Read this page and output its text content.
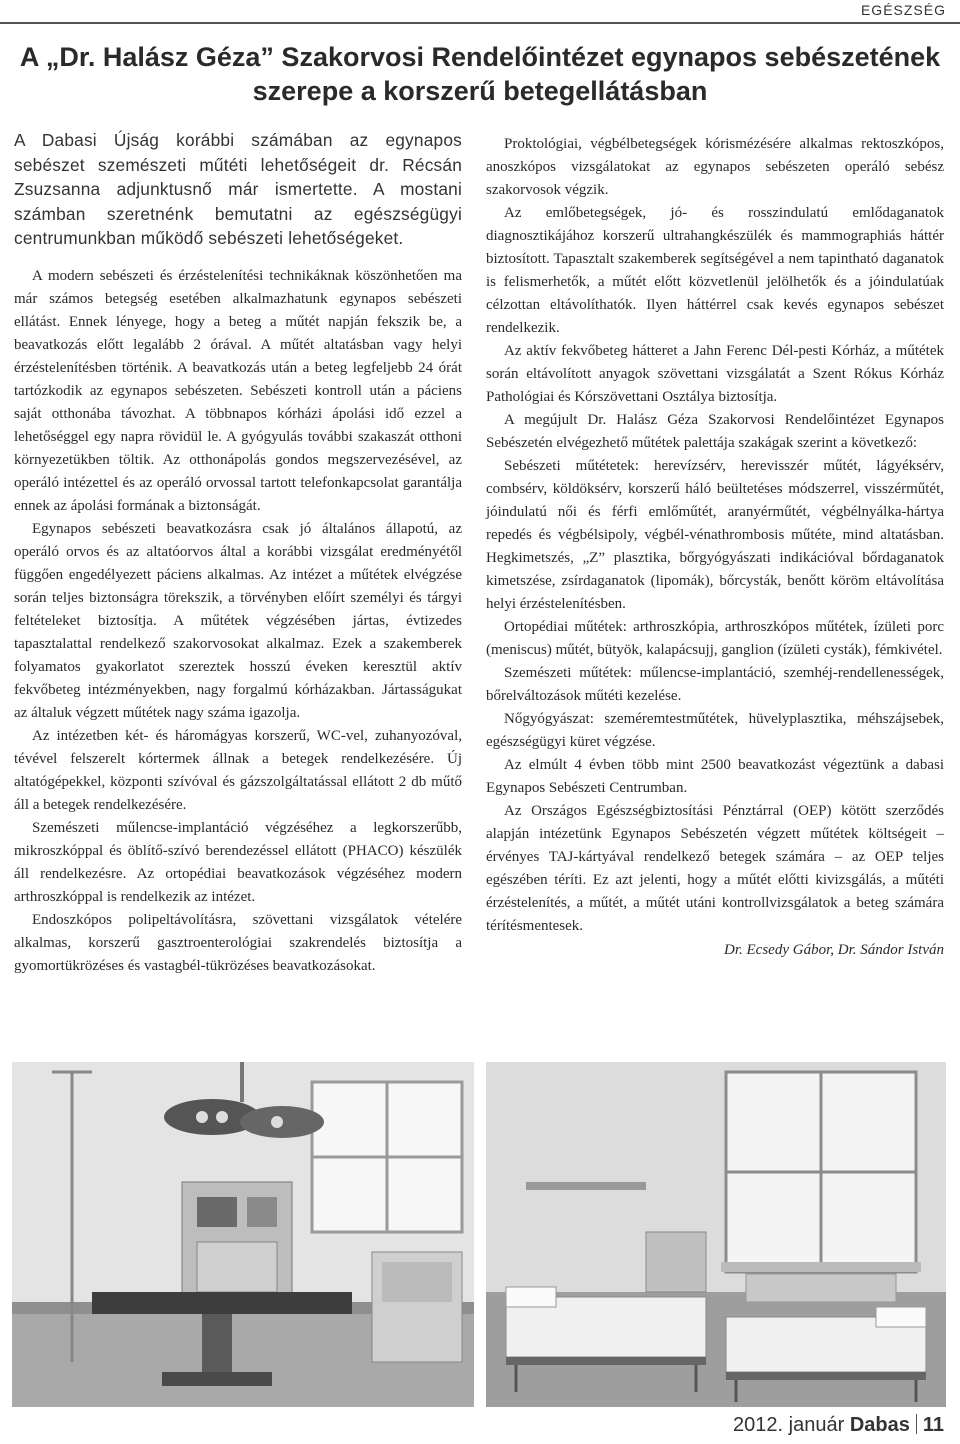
EGÉSZSÉG
A „Dr. Halász Géza” Szakorvosi Rendelőintézet egynapos sebészetének
szerepe a korszerű betegellátásban

A Dabasi Újság korábbi számában az egynapos sebészet szemészeti műtéti lehetőségeit dr. Récsán Zsuzsanna adjunktusnő már ismertette. A mostani számban szeretnénk bemutatni az egészségügyi centrumunkban működő sebészeti lehetőségeket.

A modern sebészeti és érzéstelenítési technikáknak köszönhetően ma már számos betegség esetében alkalmazhatunk egynapos sebészeti ellátást. Ennek lényege, hogy a beteg a műtét napján fekszik be, a beavatkozás előtt legalább 2 órával. A műtét altatásban vagy helyi érzéstelenítésben történik. A beavatkozás után a beteg legfeljebb 24 órát tartózkodik az egynapos sebészeten. Sebészeti kontroll után a páciens saját otthonába távozhat. A többnapos kórházi ápolási idő ezzel a lehetőséggel egy napra rövidül le. A gyógyulás további szakaszát otthoni környezetükben töltik. Az otthonápolás gondos megszervezésével, az operáló intézettel és az operáló orvossal tartott telefonkapcsolat garantálja ennek az ápolási formának a biztonságát.

Egynapos sebészeti beavatkozásra csak jó általános állapotú, az operáló orvos és az altatóorvos által a korábbi vizsgálat eredményétől függően engedélyezett páciens alkalmas. Az intézet a műtétek elvégzése során teljes biztonságra törekszik, a törvényben előírt személyi és tárgyi feltételeket biztosítja. A műtétek végzésében jártas, évtizedes tapasztalattal rendelkező szakorvosokat alkalmaz. Ezek a szakemberek folyamatos gyakorlatot szereztek hosszú éveken keresztül aktív fekvőbeteg intézményekben, nagy forgalmú kórházakban. Jártasságukat az általuk végzett műtétek nagy száma igazolja.

Az intézetben két- és háromágyas korszerű, WC-vel, zuhanyozóval, tévével felszerelt kórtermek állnak a betegek rendelkezésére. Új altatógépekkel, központi szívóval és gázszolgáltatással ellátott 2 db műtő áll a betegek rendelkezésére.

Szemészeti műlencse-implantáció végzéséhez a legkorszerűbb, mikroszkóppal és öblítő-szívó berendezéssel ellátott (PHACO) készülék áll rendelkezésre. Az ortopédiai beavatkozások végzéséhez modern arthroszkóppal is rendelkezik az intézet.

Endoszkópos polipeltávolításra, szövettani vizsgálatok vételére alkalmas, korszerű gasztroenterológiai szakrendelés biztosítja a gyomortükrözéses és vastagbél-tükrözéses beavatkozásokat.

Proktológiai, végbélbetegségek kórismézésére alkalmas rektoszkópos, anoszkópos vizsgálatokat az egynapos sebészeten operáló sebész szakorvosok végzik.

Az emlőbetegségek, jó- és rosszindulatú emlődaganatok diagnosztikájához korszerű ultrahangkészülék és mammographiás háttér biztosított. Tapasztalt szakemberek segítségével a nem tapintható daganatok is felismerhetők, a műtét előtt közvetlenül jelölhetők és a jóindulatúak célzottan eltávolíthatók. Ilyen háttérrel csak kevés egynapos sebészet rendelkezik.

Az aktív fekvőbeteg hátteret a Jahn Ferenc Dél-pesti Kórház, a műtétek során eltávolított anyagok szövettani vizsgálatát a Szent Rókus Kórház Pathológiai és Kórszövettani Osztálya biztosítja.

A megújult Dr. Halász Géza Szakorvosi Rendelőintézet Egynapos Sebészetén elvégezhető műtétek palettája szakágak szerint a következő:

Sebészeti műtétetek: herevízsérv, herevisszér műtét, lágyéksérv, combsérv, köldöksérv, korszerű háló beültetéses módszerrel, visszérműtét, jóindulatú női és férfi emlőműtét, aranyérműtét, végbélnyálka-hártya repedés és végbélsipoly, végbél-vénathrombosis műtéte, mind altatásban. Hegkimetszés, „Z” plasztika, bőrgyógyászati indikációval bőrdaganatok kimetszése, zsírdaganatok (lipomák), bőrcysták, benőtt köröm eltávolítása helyi érzéstelenítésben.

Ortopédiai műtétek: arthroszkópia, arthroszkópos műtétek, ízületi porc (meniscus) műtét, bütyök, kalapácsujj, ganglion (ízületi cysták), fémkivétel.

Szemészeti műtétek: műlencse-implantáció, szemhéj-rendellenességek, bőrelváltozások műtéti kezelése.

Nőgyógyászat: szeméremtestműtétek, hüvelyplasztika, méhszájsebek, egészségügyi küret végzése.

Az elmúlt 4 évben több mint 2500 beavatkozást végeztünk a dabasi Egynapos Sebészeti Centrumban.

Az Országos Egészségbiztosítási Pénztárral (OEP) kötött szerződés alapján intézetünk Egynapos Sebészetén végzett műtétek költségeit – érvényes TAJ-kártyával rendelkező betegek számára – az OEP teljes egészében téríti. Ez azt jelenti, hogy a műtét előtti kivizsgálás, a műtéti érzéstelenítés, a műtét, a műtét utáni kontrollvizsgálatok a beteg számára térítésmentesek.

Dr. Ecsedy Gábor, Dr. Sándor István

2012. január Dabas 11
